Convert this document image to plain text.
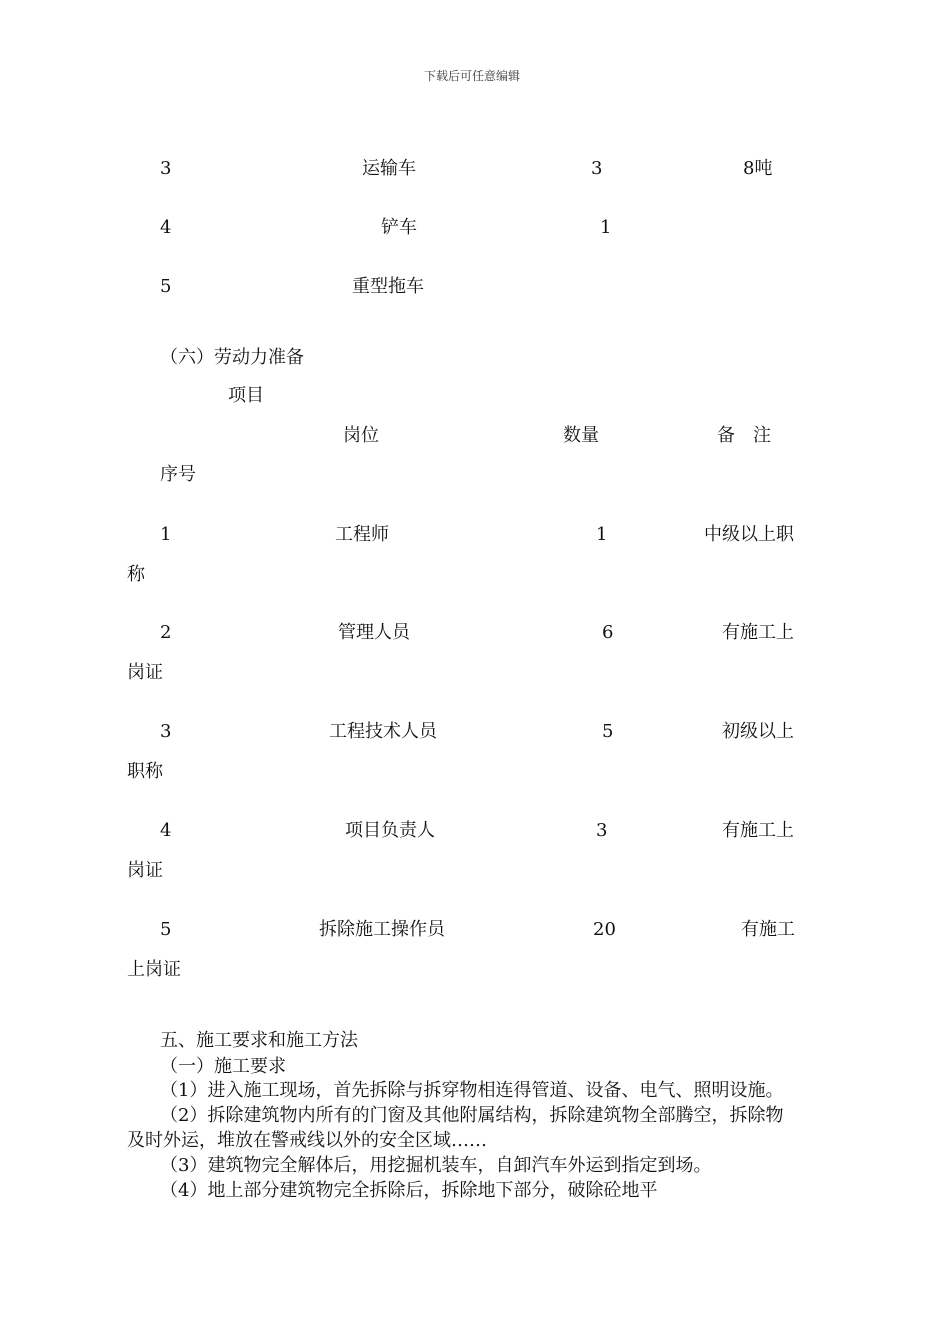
下载后可任意编辑
3	运输车	3	8吨
4	铲车	1
5	重型拖车
（六）劳动力准备
项目
岗位	数量	备　注
序号
1	工程师	1	中级以上职
称
2	管理人员	6	有施工上
岗证
3	工程技术人员	5	初级以上
职称
4	项目负责人	3	有施工上
岗证
5	拆除施工操作员	20	有施工
上岗证
五、施工要求和施工方法
（一）施工要求
（1）进入施工现场，首先拆除与拆穿物相连得管道、设备、电气、照明设施。
（2）拆除建筑物内所有的门窗及其他附属结构，拆除建筑物全部腾空，拆除物
及时外运，堆放在警戒线以外的安全区域……
（3）建筑物完全解体后，用挖掘机装车，自卸汽车外运到指定到场。
（4）地上部分建筑物完全拆除后，拆除地下部分，破除砼地平
